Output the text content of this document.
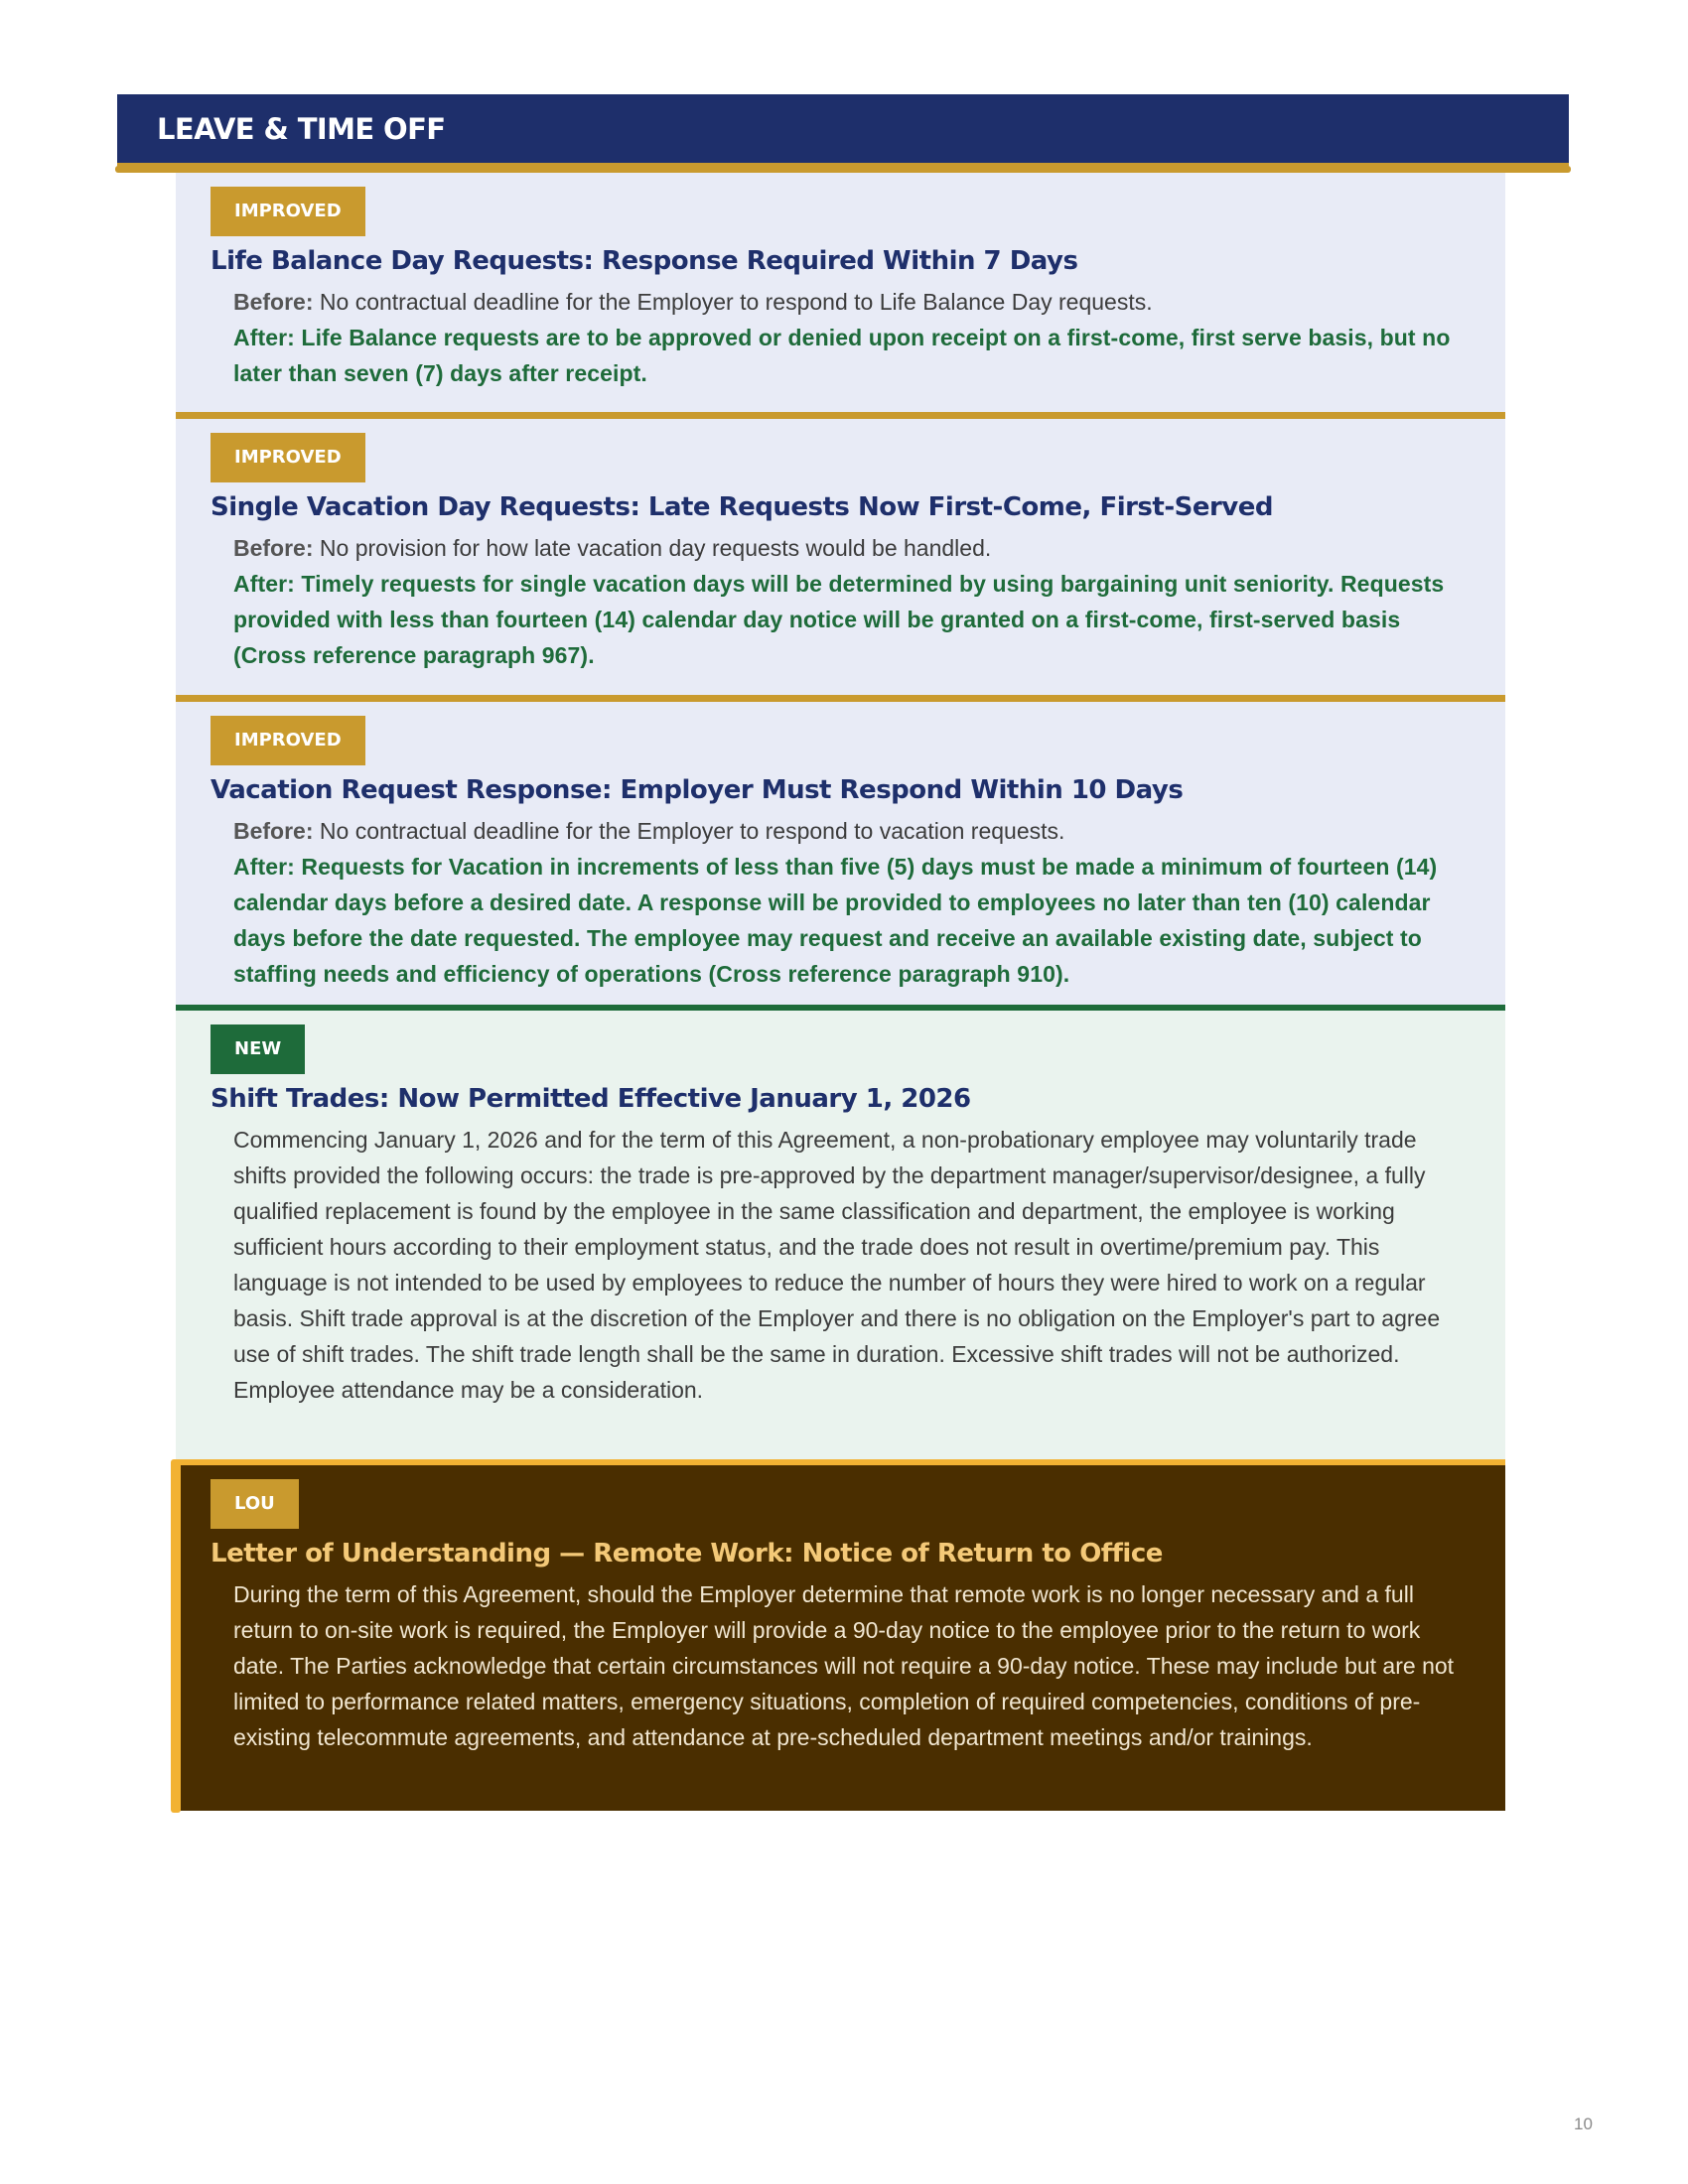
LEAVE & TIME OFF
IMPROVED
Life Balance Day Requests: Response Required Within 7 Days
Before: No contractual deadline for the Employer to respond to Life Balance Day requests.
After: Life Balance requests are to be approved or denied upon receipt on a first-come, first serve basis, but no later than seven (7) days after receipt.
IMPROVED
Single Vacation Day Requests: Late Requests Now First-Come, First-Served
Before: No provision for how late vacation day requests would be handled.
After: Timely requests for single vacation days will be determined by using bargaining unit seniority. Requests provided with less than fourteen (14) calendar day notice will be granted on a first-come, first-served basis (Cross reference paragraph 967).
IMPROVED
Vacation Request Response: Employer Must Respond Within 10 Days
Before: No contractual deadline for the Employer to respond to vacation requests.
After: Requests for Vacation in increments of less than five (5) days must be made a minimum of fourteen (14) calendar days before a desired date. A response will be provided to employees no later than ten (10) calendar days before the date requested. The employee may request and receive an available existing date, subject to staffing needs and efficiency of operations (Cross reference paragraph 910).
NEW
Shift Trades: Now Permitted Effective January 1, 2026
Commencing January 1, 2026 and for the term of this Agreement, a non-probationary employee may voluntarily trade shifts provided the following occurs: the trade is pre-approved by the department manager/supervisor/designee, a fully qualified replacement is found by the employee in the same classification and department, the employee is working sufficient hours according to their employment status, and the trade does not result in overtime/premium pay. This language is not intended to be used by employees to reduce the number of hours they were hired to work on a regular basis. Shift trade approval is at the discretion of the Employer and there is no obligation on the Employer's part to agree use of shift trades. The shift trade length shall be the same in duration. Excessive shift trades will not be authorized. Employee attendance may be a consideration.
LOU
Letter of Understanding — Remote Work: Notice of Return to Office
During the term of this Agreement, should the Employer determine that remote work is no longer necessary and a full return to on-site work is required, the Employer will provide a 90-day notice to the employee prior to the return to work date. The Parties acknowledge that certain circumstances will not require a 90-day notice. These may include but are not limited to performance related matters, emergency situations, completion of required competencies, conditions of pre-existing telecommute agreements, and attendance at pre-scheduled department meetings and/or trainings.
10
